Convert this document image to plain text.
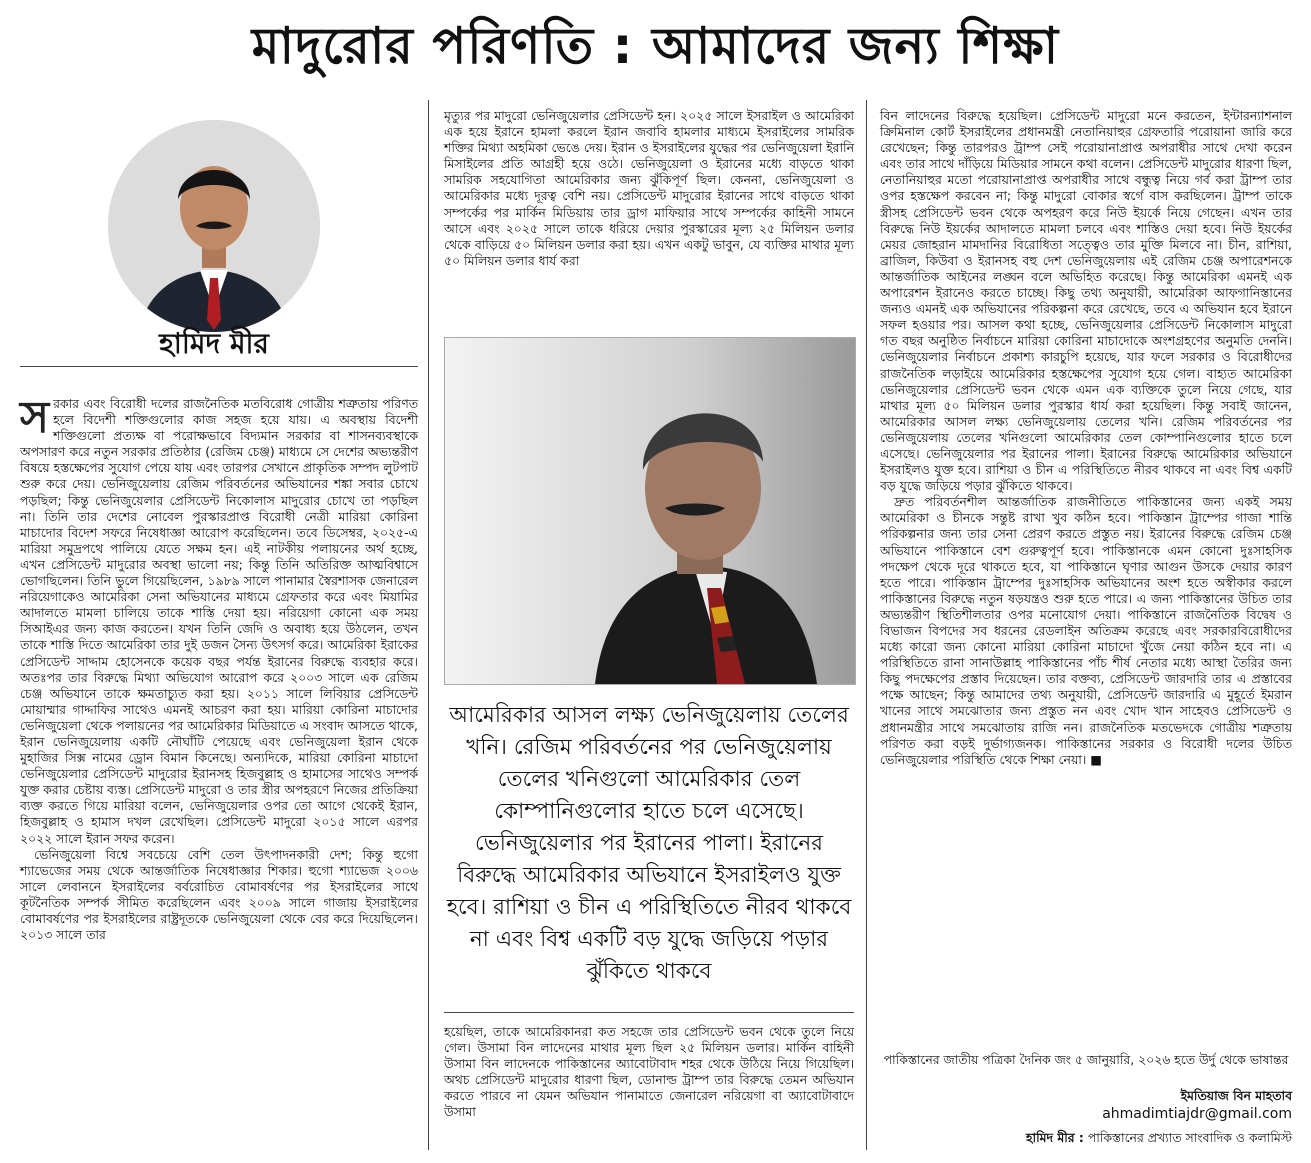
মাদুরোর পরিণতি : আমাদের জন্য শিক্ষা
হামিদ মীর

সরকার এবং বিরোধী দলের রাজনৈতিক মতবিরোধ গোত্রীয় শত্রুতায় পরিণত হলে বিদেশী শক্তিগুলোর কাজ সহজ হয়ে যায়। এ অবস্থায় বিদেশী শক্তিগুলো প্রত্যক্ষ বা পরোক্ষভাবে বিদ্যমান সরকার বা শাসনব্যবস্থাকে অপসারণ করে নতুন সরকার প্রতিষ্ঠার (রেজিম চেঞ্জ) মাধ্যমে সে দেশের অভ্যন্তরীণ বিষয়ে হস্তক্ষেপের সুযোগ পেয়ে যায় এবং তারপর সেখানে প্রাকৃতিক সম্পদ লুটপাট শুরু করে দেয়। ভেনিজুয়েলায় রেজিম পরিবর্তনের অভিযানের শঙ্কা সবার চোখে পড়ছিল; কিন্তু ভেনিজুয়েলার প্রেসিডেন্ট নিকোলাস মাদুরোর চোখে তা পড়ছিল না। তিনি তার দেশের নোবেল পুরস্কারপ্রাপ্ত বিরোধী নেত্রী মারিয়া কোরিনা মাচাদোর বিদেশ সফরে নিষেধাজ্ঞা আরোপ করেছিলেন। তবে ডিসেম্বর, ২০২৫-এ মারিয়া সমুদ্রপথে পালিয়ে যেতে সক্ষম হন। এই নাটকীয় পলায়নের অর্থ হচ্ছে, এখন প্রেসিডেন্ট মাদুরোর অবস্থা ভালো নয়; কিন্তু তিনি অতিরিক্ত আত্মবিশ্বাসে ভোগছিলেন। তিনি ভুলে গিয়েছিলেন, ১৯৮৯ সালে পানামার স্বৈরশাসক জেনারেল নরিয়েগাকেও আমেরিকা সেনা অভিযানের মাধ্যমে গ্রেফতার করে এবং মিয়ামির আদালতে মামলা চালিয়ে তাকে শাস্তি দেয়া হয়। নরিয়েগা কোনো এক সময় সিআইএর জন্য কাজ করতেন। যখন তিনি জেদি ও অবাধ্য হয়ে উঠলেন, তখন তাকে শাস্তি দিতে আমেরিকা তার দুই ডজন সৈন্য উৎসর্গ করে। আমেরিকা ইরাকের প্রেসিডেন্ট সাদ্দাম হোসেনকে কয়েক বছর পর্যন্ত ইরানের বিরুদ্ধে ব্যবহার করে। অতঃপর তার বিরুদ্ধে মিথ্যা অভিযোগ আরোপ করে ২০০৩ সালে এক রেজিম চেঞ্জ অভিযানে তাকে ক্ষমতাচ্যুত করা হয়। ২০১১ সালে লিবিয়ার প্রেসিডেন্ট মোয়াম্মার গাদ্দাফির সাথেও এমনই আচরণ করা হয়। মারিয়া কোরিনা মাচাদোর ভেনিজুয়েলা থেকে পলায়নের পর আমেরিকার মিডিয়াতে এ সংবাদ আসতে থাকে, ইরান ভেনিজুয়েলায় একটি নৌঘাঁটি পেয়েছে এবং ভেনিজুয়েলা ইরান থেকে মুহাজির সিক্স নামের ড্রোন বিমান কিনেছে। অন্যদিকে, মারিয়া কোরিনা মাচাদো ভেনিজুয়েলার প্রেসিডেন্ট মাদুরোর ইরানসহ হিজবুল্লাহ ও হামাসের সাথেও সম্পর্ক যুক্ত করার চেষ্টায় ব্যস্ত। প্রেসিডেন্ট মাদুরো ও তার স্ত্রীর অপহরণে নিজের প্রতিক্রিয়া ব্যক্ত করতে গিয়ে মারিয়া বলেন, ভেনিজুয়েলার ওপর তো আগে থেকেই ইরান, হিজবুল্লাহ ও হামাস দখল রেখেছিল। প্রেসিডেন্ট মাদুরো ২০১৫ সালে এরপর ২০২২ সালে ইরান সফর করেন।

ভেনিজুয়েলা বিশ্বে সবচেয়ে বেশি তেল উৎপাদনকারী দেশ; কিন্তু হুগো শ্যাভেজের সময় থেকে আন্তর্জাতিক নিষেধাজ্ঞার শিকার। হুগো শ্যাভেজ ২০০৬ সালে লেবাননে ইসরাইলের বর্বরোচিত বোমাবর্ষণের পর ইসরাইলের সাথে কূটনৈতিক সম্পর্ক সীমিত করেছিলেন এবং ২০০৯ সালে গাজায় ইসরাইলের বোমাবর্ষণের পর ইসরাইলের রাষ্ট্রদূতকে ভেনিজুয়েলা থেকে বের করে দিয়েছিলেন। ২০১৩ সালে তার

মৃত্যুর পর মাদুরো ভেনিজুয়েলার প্রেসিডেন্ট হন। ২০২৫ সালে ইসরাইল ও আমেরিকা এক হয়ে ইরানে হামলা করলে ইরান জবাবি হামলার মাধ্যমে ইসরাইলের সামরিক শক্তির মিথ্যা অহমিকা ভেঙে দেয়। ইরান ও ইসরাইলের যুদ্ধের পর ভেনিজুয়েলা ইরানি মিসাইলের প্রতি আগ্রহী হয়ে ওঠে। ভেনিজুয়েলা ও ইরানের মধ্যে বাড়তে থাকা সামরিক সহযোগিতা আমেরিকার জন্য ঝুঁকিপূর্ণ ছিল। কেননা, ভেনিজুয়েলা ও আমেরিকার মধ্যে দূরত্ব বেশি নয়। প্রেসিডেন্ট মাদুরোর ইরানের সাথে বাড়তে থাকা সম্পর্কের পর মার্কিন মিডিয়ায় তার ড্রাগ মাফিয়ার সাথে সম্পর্কের কাহিনী সামনে আসে এবং ২০২৫ সালে তাকে ধরিয়ে দেয়ার পুরস্কারের মূল্য ২৫ মিলিয়ন ডলার থেকে বাড়িয়ে ৫০ মিলিয়ন ডলার করা হয়। এখন একটু ভাবুন, যে ব্যক্তির মাথার মূল্য ৫০ মিলিয়ন ডলার ধার্য করা

আমেরিকার আসল লক্ষ্য ভেনিজুয়েলায় তেলের খনি। রেজিম পরিবর্তনের পর ভেনিজুয়েলায় তেলের খনিগুলো আমেরিকার তেল কোম্পানিগুলোর হাতে চলে এসেছে। ভেনিজুয়েলার পর ইরানের পালা। ইরানের বিরুদ্ধে আমেরিকার অভিযানে ইসরাইলও যুক্ত হবে। রাশিয়া ও চীন এ পরিস্থিতিতে নীরব থাকবে না এবং বিশ্ব একটি বড় যুদ্ধে জড়িয়ে পড়ার ঝুঁকিতে থাকবে

হয়েছিল, তাকে আমেরিকানরা কত সহজে তার প্রেসিডেন্ট ভবন থেকে তুলে নিয়ে গেল। উসামা বিন লাদেনের মাথার মূল্য ছিল ২৫ মিলিয়ন ডলার। মার্কিন বাহিনী উসামা বিন লাদেনকে পাকিস্তানের অ্যাবোটাবাদ শহর থেকে উঠিয়ে নিয়ে গিয়েছিল। অথচ প্রেসিডেন্ট মাদুরোর ধারণা ছিল, ডোনাল্ড ট্রাম্প তার বিরুদ্ধে তেমন অভিযান করতে পারবে না যেমন অভিযান পানামাতে জেনারেল নরিয়েগা বা অ্যাবোটাবাদে উসামা

বিন লাদেনের বিরুদ্ধে হয়েছিল। প্রেসিডেন্ট মাদুরো মনে করতেন, ইন্টারন্যাশনাল ক্রিমিনাল কোর্ট ইসরাইলের প্রধানমন্ত্রী নেতানিয়াহুর গ্রেফতারি পরোয়ানা জারি করে রেখেছেন; কিন্তু তারপরও ট্রাম্প সেই পরোয়ানাপ্রাপ্ত অপরাধীর সাথে দেখা করেন এবং তার সাথে দাঁড়িয়ে মিডিয়ার সামনে কথা বলেন। প্রেসিডেন্ট মাদুরোর ধারণা ছিল, নেতানিয়াহুর মতো পরোয়ানাপ্রাপ্ত অপরাধীর সাথে বন্ধুত্ব নিয়ে গর্ব করা ট্রাম্প তার ওপর হস্তক্ষেপ করবেন না; কিন্তু মাদুরো বোকার স্বর্গে বাস করছিলেন। ট্রাম্প তাকে স্ত্রীসহ প্রেসিডেন্ট ভবন থেকে অপহরণ করে নিউ ইয়র্কে নিয়ে গেছেন। এখন তার বিরুদ্ধে নিউ ইয়র্কের আদালতে মামলা চলবে এবং শাস্তিও দেয়া হবে। নিউ ইয়র্কের মেয়র জোহরান মামদানির বিরোধিতা সত্ত্বেও তার মুক্তি মিলবে না। চীন, রাশিয়া, ব্রাজিল, কিউবা ও ইরানসহ বহু দেশ ভেনিজুয়েলায় এই রেজিম চেঞ্জ অপারেশনকে আন্তর্জাতিক আইনের লঙ্ঘন বলে অভিহিত করেছে। কিন্তু আমেরিকা এমনই এক অপারেশন ইরানেও করতে চাচ্ছে। কিছু তথ্য অনুযায়ী, আমেরিকা আফগানিস্তানের জন্যও এমনই এক অভিযানের পরিকল্পনা করে রেখেছে, তবে এ অভিযান হবে ইরানে সফল হওয়ার পর। আসল কথা হচ্ছে, ভেনিজুয়েলার প্রেসিডেন্ট নিকোলাস মাদুরো গত বছর অনুষ্ঠিত নির্বাচনে মারিয়া কোরিনা মাচাদোকে অংশগ্রহণের অনুমতি দেননি। ভেনিজুয়েলার নির্বাচনে প্রকাশ্য কারচুপি হয়েছে, যার ফলে সরকার ও বিরোধীদের রাজনৈতিক লড়াইয়ে আমেরিকার হস্তক্ষেপের সুযোগ হয়ে গেল। বাহ্যত আমেরিকা ভেনিজুয়েলার প্রেসিডেন্ট ভবন থেকে এমন এক ব্যক্তিকে তুলে নিয়ে গেছে, যার মাথার মূল্য ৫০ মিলিয়ন ডলার পুরস্কার ধার্য করা হয়েছিল। কিন্তু সবাই জানেন, আমেরিকার আসল লক্ষ্য ভেনিজুয়েলায় তেলের খনি। রেজিম পরিবর্তনের পর ভেনিজুয়েলায় তেলের খনিগুলো আমেরিকার তেল কোম্পানিগুলোর হাতে চলে এসেছে। ভেনিজুয়েলার পর ইরানের পালা। ইরানের বিরুদ্ধে আমেরিকার অভিযানে ইসরাইলও যুক্ত হবে। রাশিয়া ও চীন এ পরিস্থিতিতে নীরব থাকবে না এবং বিশ্ব একটি বড় যুদ্ধে জড়িয়ে পড়ার ঝুঁকিতে থাকবে।

দ্রুত পরিবর্তনশীল আন্তর্জাতিক রাজনীতিতে পাকিস্তানের জন্য একই সময় আমেরিকা ও চীনকে সন্তুষ্ট রাখা খুব কঠিন হবে। পাকিস্তান ট্রাম্পের গাজা শান্তি পরিকল্পনার জন্য তার সেনা প্রেরণ করতে প্রস্তুত নয়। ইরানের বিরুদ্ধে রেজিম চেঞ্জ অভিযানে পাকিস্তানে বেশ গুরুত্বপূর্ণ হবে। পাকিস্তানকে এমন কোনো দুঃসাহসিক পদক্ষেপ থেকে দূরে থাকতে হবে, যা পাকিস্তানে ঘৃণার আগুন উসকে দেয়ার কারণ হতে পারে। পাকিস্তান ট্রাম্পের দুঃসাহসিক অভিযানের অংশ হতে অস্বীকার করলে পাকিস্তানের বিরুদ্ধে নতুন ষড়যন্ত্রও শুরু হতে পারে। এ জন্য পাকিস্তানের উচিত তার অভ্যন্তরীণ স্থিতিশীলতার ওপর মনোযোগ দেয়া। পাকিস্তানে রাজনৈতিক বিদ্বেষ ও বিভাজন বিপদের সব ধরনের রেডলাইন অতিক্রম করেছে এবং সরকারবিরোধীদের মধ্যে কারো জন্য কোনো মারিয়া কোরিনা মাচাদো খুঁজে নেয়া কঠিন হবে না। এ পরিস্থিতিতে রানা সানাউল্লাহ পাকিস্তানের পাঁচ শীর্ষ নেতার মধ্যে আস্থা তৈরির জন্য কিছু পদক্ষেপের প্রস্তাব দিয়েছেন। তার বক্তব্য, প্রেসিডেন্ট জারদারি তার এ প্রস্তাবের পক্ষে আছেন; কিন্তু আমাদের তথ্য অনুযায়ী, প্রেসিডেন্ট জারদারি এ মুহূর্তে ইমরান খানের সাথে সমঝোতার জন্য প্রস্তুত নন এবং খোদ খান সাহেবও প্রেসিডেন্ট ও প্রধানমন্ত্রীর সাথে সমঝোতায় রাজি নন। রাজনৈতিক মতভেদকে গোত্রীয় শত্রুতায় পরিণত করা বড়ই দুর্ভাগ্যজনক। পাকিস্তানের সরকার ও বিরোধী দলের উচিত ভেনিজুয়েলার পরিস্থিতি থেকে শিক্ষা নেয়া। ■

পাকিস্তানের জাতীয় পত্রিকা দৈনিক জং ৫ জানুয়ারি, ২০২৬ হতে উর্দু থেকে ভাষান্তর
ইমতিয়াজ বিন মাহতাব
ahmadimtiajdr@gmail.com
হামিদ মীর : পাকিস্তানের প্রখ্যাত সাংবাদিক ও কলামিস্ট
